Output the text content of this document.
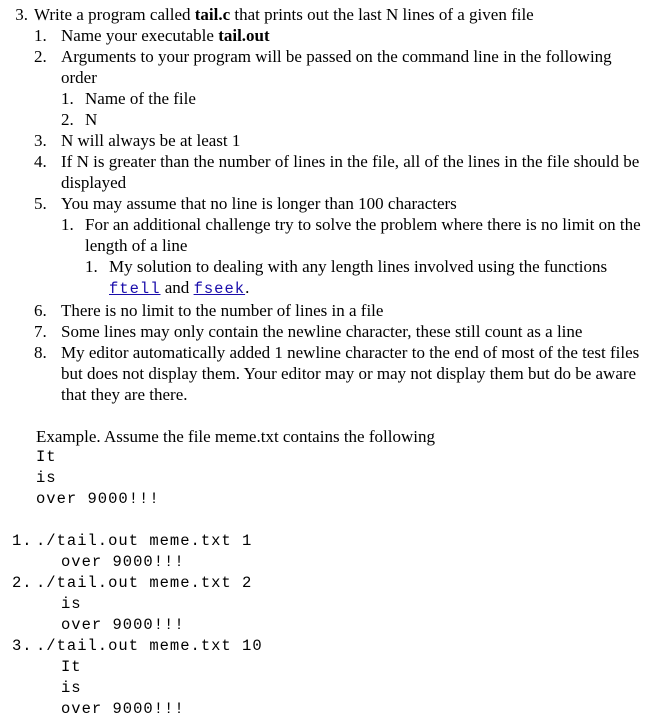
3. Write a program called tail.c that prints out the last N lines of a given file
1. Name your executable tail.out
2. Arguments to your program will be passed on the command line in the following order
1. Name of the file
2. N
3. N will always be at least 1
4. If N is greater than the number of lines in the file, all of the lines in the file should be displayed
5. You may assume that no line is longer than 100 characters
1. For an additional challenge try to solve the problem where there is no limit on the length of a line
1. My solution to dealing with any length lines involved using the functions ftell and fseek.
6. There is no limit to the number of lines in a file
7. Some lines may only contain the newline character, these still count as a line
8. My editor automatically added 1 newline character to the end of most of the test files but does not display them. Your editor may or may not display them but do be aware that they are there.
Example. Assume the file meme.txt contains the following
It
is
over 9000!!!
1. ./tail.out meme.txt 1
over 9000!!!
2. ./tail.out meme.txt 2
is
over 9000!!!
3. ./tail.out meme.txt 10
It
is
over 9000!!!
